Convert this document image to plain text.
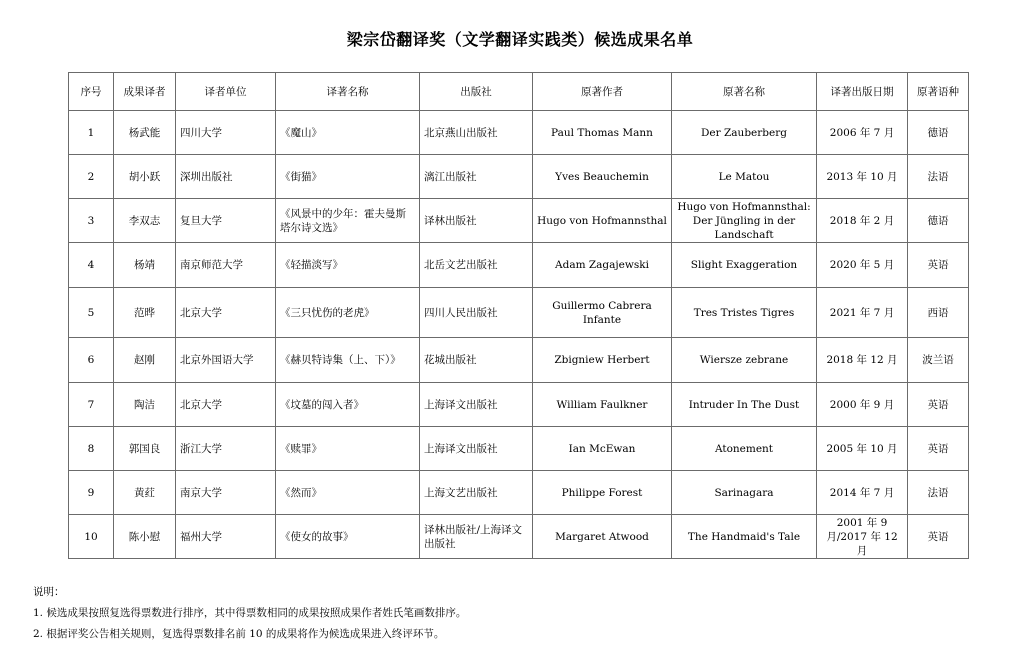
梁宗岱翻译奖（文学翻译实践类）候选成果名单
序号	成果译者	译者单位	译著名称	出版社	原著作者	原著名称	译著出版日期	原著语种
1	杨武能	四川大学	《魔山》	北京燕山出版社	Paul Thomas Mann	Der Zauberberg	2006 年 7 月	德语
2	胡小跃	深圳出版社	《街猫》	漓江出版社	Yves Beauchemin	Le Matou	2013 年 10 月	法语
3	李双志	复旦大学	《风景中的少年：霍夫曼斯塔尔诗文选》	译林出版社	Hugo von Hofmannsthal	Hugo von Hofmannsthal: Der Jüngling in der Landschaft	2018 年 2 月	德语
4	杨靖	南京师范大学	《轻描淡写》	北岳文艺出版社	Adam Zagajewski	Slight Exaggeration	2020 年 5 月	英语
5	范晔	北京大学	《三只忧伤的老虎》	四川人民出版社	Guillermo Cabrera Infante	Tres Tristes Tigres	2021 年 7 月	西语
6	赵刚	北京外国语大学	《赫贝特诗集（上、下）》	花城出版社	Zbigniew Herbert	Wiersze zebrane	2018 年 12 月	波兰语
7	陶洁	北京大学	《坟墓的闯入者》	上海译文出版社	William Faulkner	Intruder In The Dust	2000 年 9 月	英语
8	郭国良	浙江大学	《赎罪》	上海译文出版社	Ian McEwan	Atonement	2005 年 10 月	英语
9	黄荭	南京大学	《然而》	上海文艺出版社	Philippe Forest	Sarinagara	2014 年 7 月	法语
10	陈小慰	福州大学	《使女的故事》	译林出版社/上海译文出版社	Margaret Atwood	The Handmaid's Tale	2001 年 9 月/2017 年 12 月	英语
说明：
1. 候选成果按照复选得票数进行排序，其中得票数相同的成果按照成果作者姓氏笔画数排序。
2. 根据评奖公告相关规则，复选得票数排名前 10 的成果将作为候选成果进入终评环节。
